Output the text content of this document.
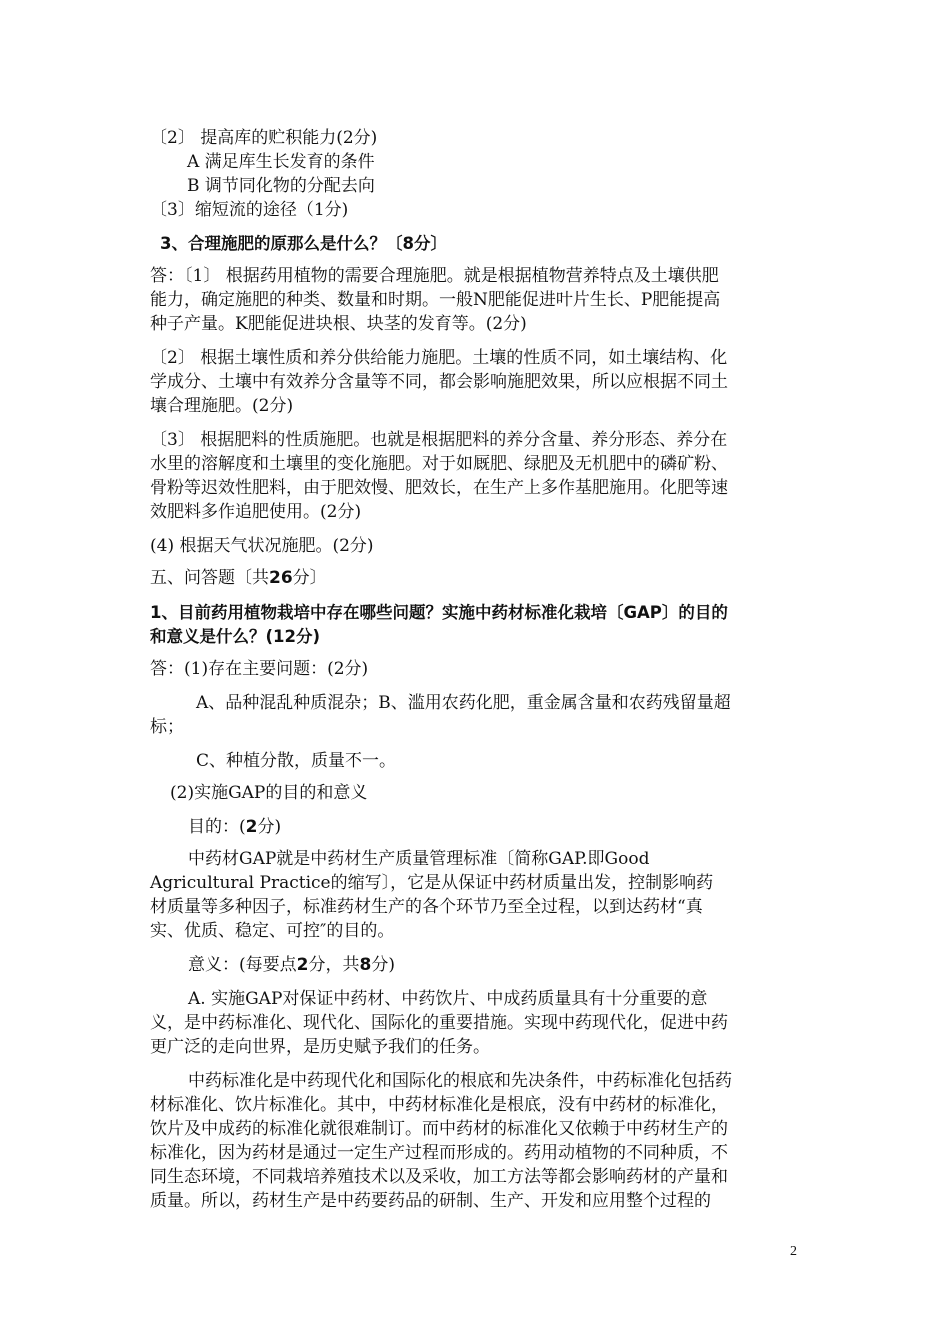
〔2〕 提高库的贮积能力(2分)

A 满足库生长发育的条件

B 调节同化物的分配去向

〔3〕缩短流的途径（1分)

3、合理施肥的原那么是什么？〔8分〕

答：〔1〕 根据药用植物的需要合理施肥。就是根据植物营养特点及土壤供肥

能力，确定施肥的种类、数量和时期。一般N肥能促进叶片生长、P肥能提高

种子产量。K肥能促进块根、块茎的发育等。(2分)

〔2〕 根据土壤性质和养分供给能力施肥。土壤的性质不同，如土壤结构、化

学成分、土壤中有效养分含量等不同，都会影响施肥效果，所以应根据不同土

壤合理施肥。(2分)

〔3〕 根据肥料的性质施肥。也就是根据肥料的养分含量、养分形态、养分在

水里的溶解度和土壤里的变化施肥。对于如厩肥、绿肥及无机肥中的磷矿粉、

骨粉等迟效性肥料，由于肥效慢、肥效长，在生产上多作基肥施用。化肥等速

效肥料多作追肥使用。(2分)

(4) 根据天气状况施肥。(2分)

五、问答题〔共26分〕

1、目前药用植物栽培中存在哪些问题？实施中药材标准化栽培〔GAP〕的目的

和意义是什么？(12分)

答：(1)存在主要问题：(2分)

A、品种混乱种质混杂；B、滥用农药化肥，重金属含量和农药残留量超

标；

C、种植分散，质量不一。

(2)实施GAP的目的和意义

目的：(2分)

中药材GAP就是中药材生产质量管理标准〔简称GAP.即Good

Agricultural Practice的缩写〕，它是从保证中药材质量出发，控制影响药

材质量等多种因子，标准药材生产的各个环节乃至全过程，以到达药材“真

实、优质、稳定、可控″的目的。

意义：(每要点2分，共8分)

A. 实施GAP对保证中药材、中药饮片、中成药质量具有十分重要的意

义，是中药标准化、现代化、国际化的重要措施。实现中药现代化，促进中药

更广泛的走向世界，是历史赋予我们的任务。

中药标准化是中药现代化和国际化的根底和先决条件，中药标准化包括药

材标准化、饮片标准化。其中，中药材标准化是根底，没有中药材的标准化，

饮片及中成药的标准化就很难制订。而中药材的标准化又依赖于中药材生产的

标准化，因为药材是通过一定生产过程而形成的。药用动植物的不同种质，不

同生态环境，不同栽培养殖技术以及采收，加工方法等都会影响药材的产量和

质量。所以，药材生产是中药要药品的研制、生产、开发和应用整个过程的

2
